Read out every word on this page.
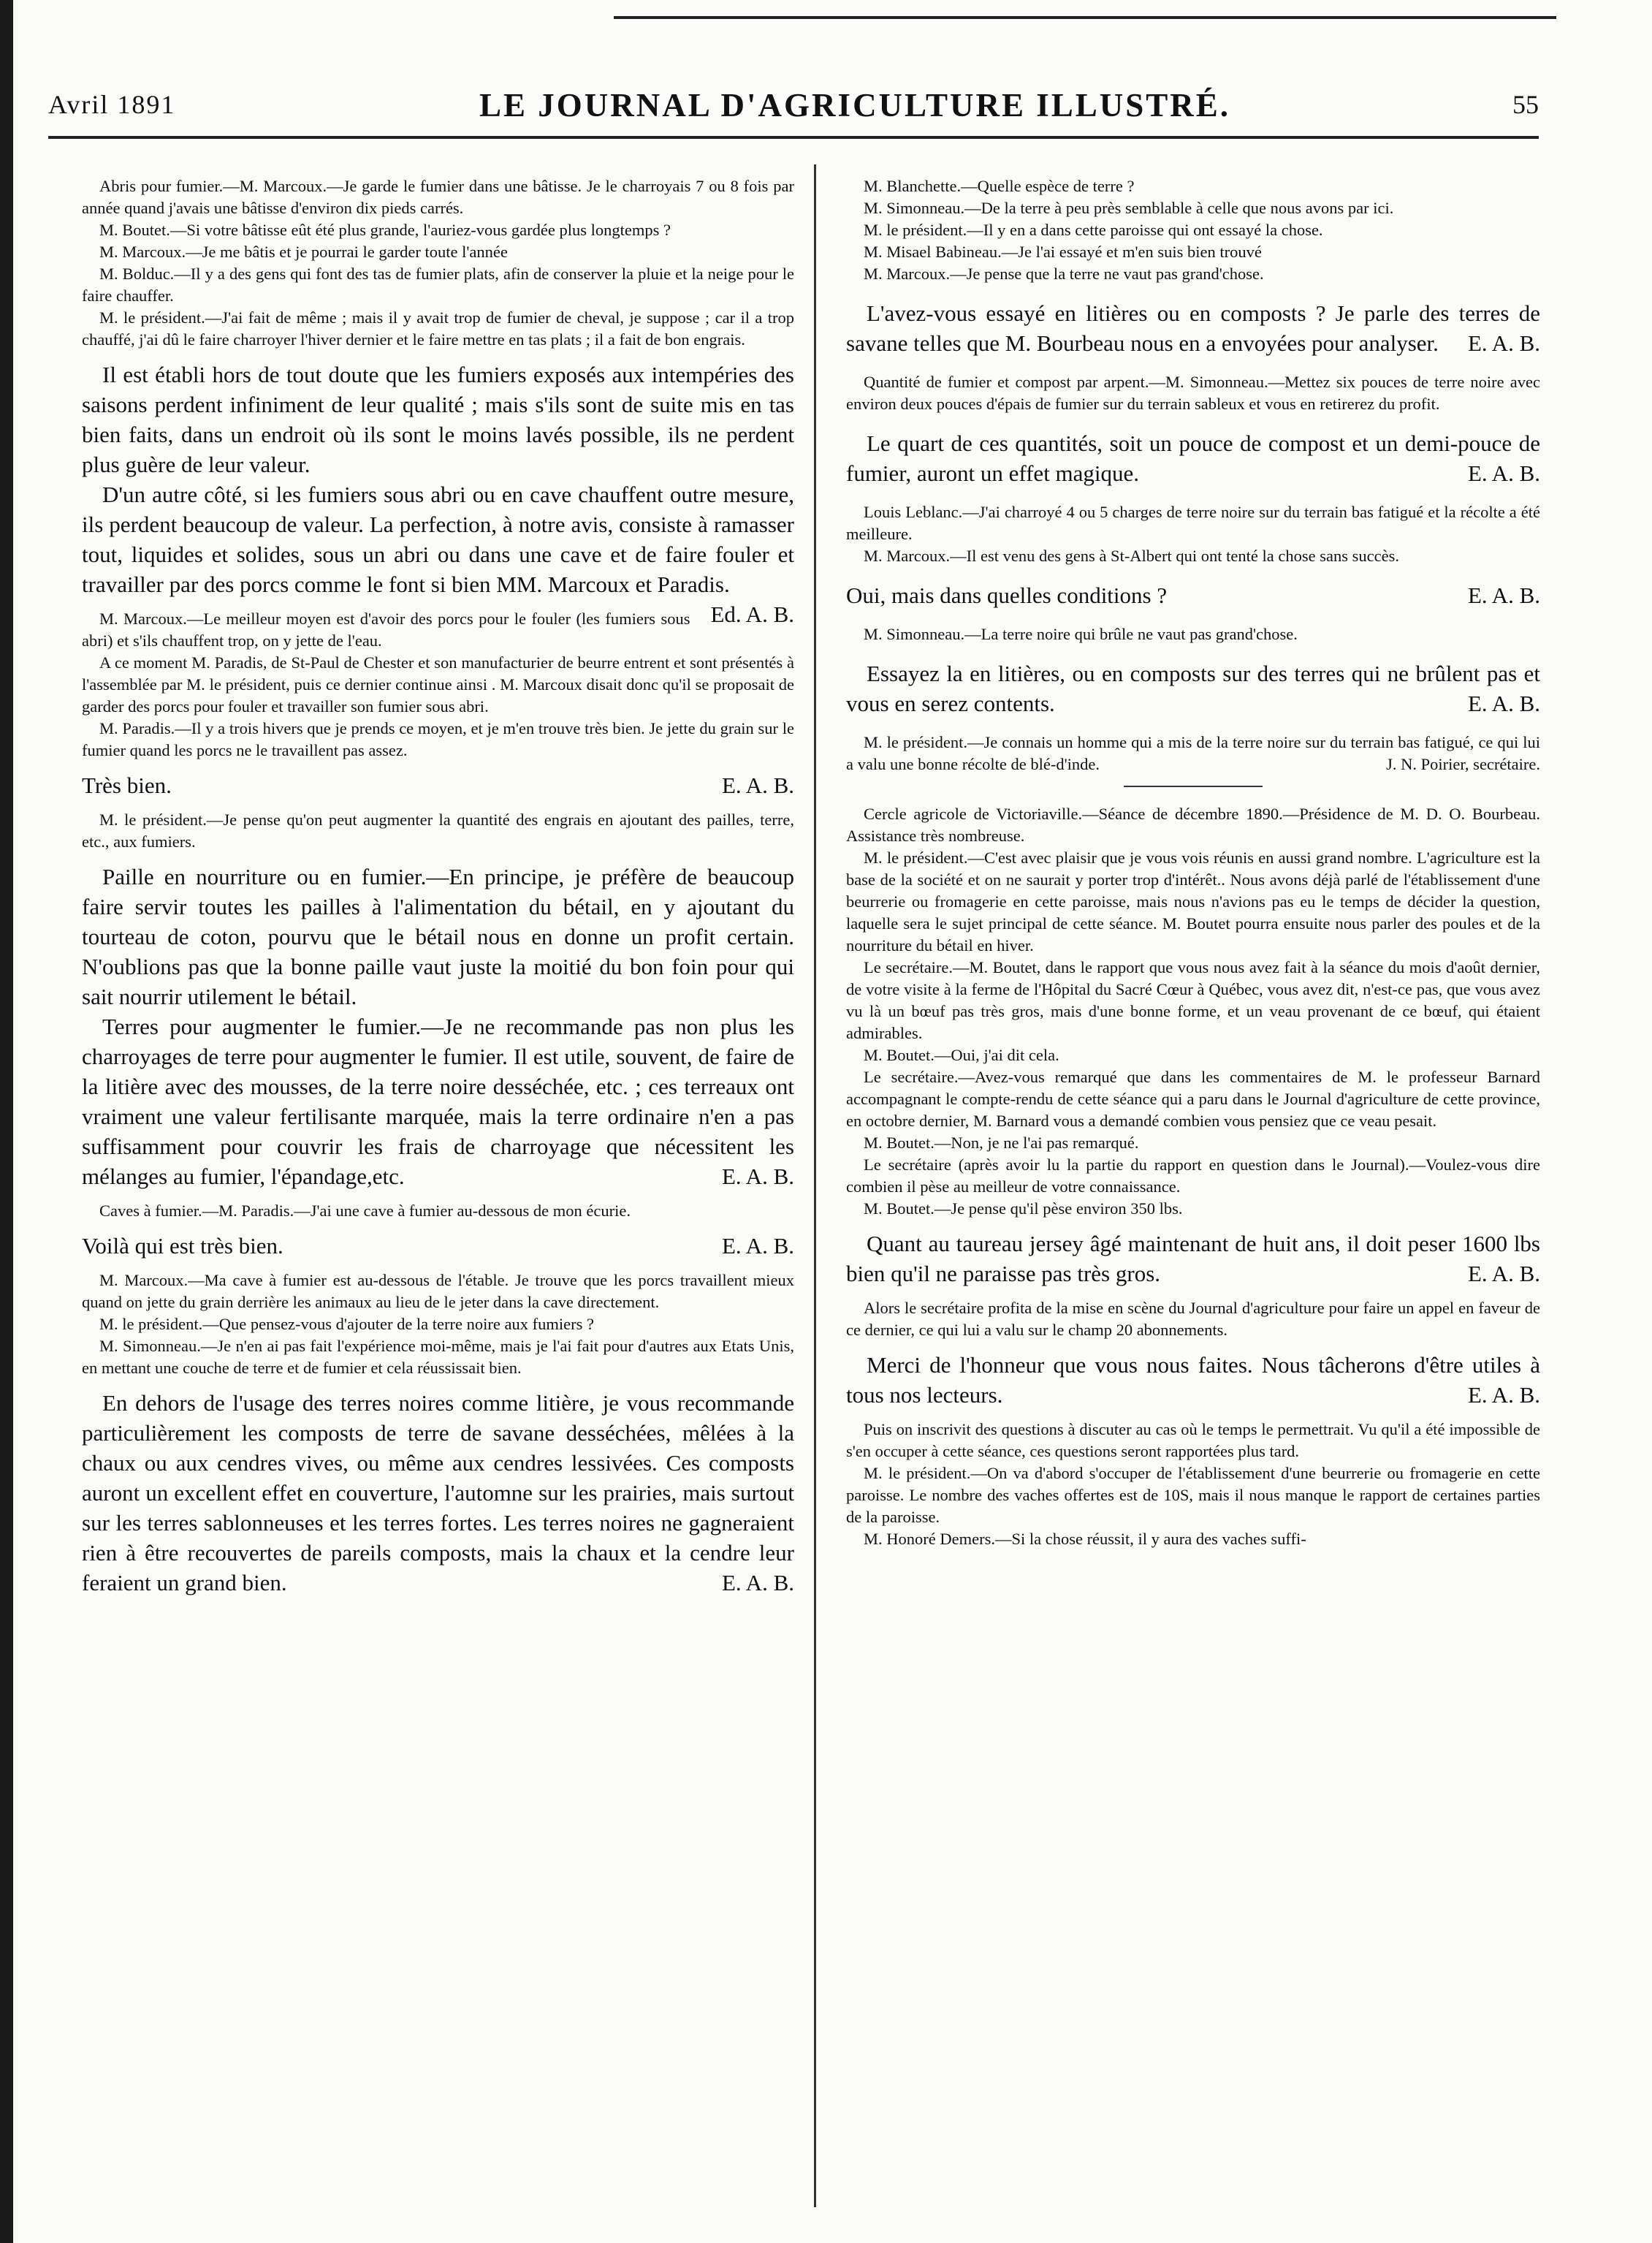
Avril 1891	LE JOURNAL D'AGRICULTURE ILLUSTRÉ.	55

Abris pour fumier.—M. Marcoux.—Je garde le fumier dans une bâtisse. Je le charroyais 7 ou 8 fois par année quand j'avais une bâtisse d'environ dix pieds carrés.

M. Boutet.—Si votre bâtisse eût été plus grande, l'auriez-vous gardée plus longtemps ?

M. Marcoux.—Je me bâtis et je pourrai le garder toute l'année

M. Bolduc.—Il y a des gens qui font des tas de fumier plats, afin de conserver la pluie et la neige pour le faire chauffer.

M. le président.—J'ai fait de même ; mais il y avait trop de fumier de cheval, je suppose ; car il a trop chauffé, j'ai dû le faire charroyer l'hiver dernier et le faire mettre en tas plats ; il a fait de bon engrais.

Il est établi hors de tout doute que les fumiers exposés aux intempéries des saisons perdent infiniment de leur qualité ; mais s'ils sont de suite mis en tas bien faits, dans un endroit où ils sont le moins lavés possible, ils ne perdent plus guère de leur valeur.

D'un autre côté, si les fumiers sous abri ou en cave chauffent outre mesure, ils perdent beaucoup de valeur. La perfection, à notre avis, consiste à ramasser tout, liquides et solides, sous un abri ou dans une cave et de faire fouler et travailler par des porcs comme le font si bien MM. Marcoux et Paradis.
Ed. A. B.

M. Marcoux.—Le meilleur moyen est d'avoir des porcs pour le fouler (les fumiers sous abri) et s'ils chauffent trop, on y jette de l'eau.

A ce moment M. Paradis, de St-Paul de Chester et son manufacturier de beurre entrent et sont présentés à l'assemblée par M. le président, puis ce dernier continue ainsi . M. Marcoux disait donc qu'il se proposait de garder des porcs pour fouler et travailler son fumier sous abri.

M. Paradis.—Il y a trois hivers que je prends ce moyen, et je m'en trouve très bien. Je jette du grain sur le fumier quand les porcs ne le travaillent pas assez.

Très bien.	E. A. B.

M. le président.—Je pense qu'on peut augmenter la quantité des engrais en ajoutant des pailles, terre, etc., aux fumiers.

Paille en nourriture ou en fumier.—En principe, je préfère de beaucoup faire servir toutes les pailles à l'alimentation du bétail, en y ajoutant du tourteau de coton, pourvu que le bétail nous en donne un profit certain. N'oublions pas que la bonne paille vaut juste la moitié du bon foin pour qui sait nourrir utilement le bétail.

Terres pour augmenter le fumier.—Je ne recommande pas non plus les charroyages de terre pour augmenter le fumier. Il est utile, souvent, de faire de la litière avec des mousses, de la terre noire desséchée, etc. ; ces terreaux ont vraiment une valeur fertilisante marquée, mais la terre ordinaire n'en a pas suffisamment pour couvrir les frais de charroyage que nécessitent les mélanges au fumier, l'épandage,etc.	E. A. B.

Caves à fumier.—M. Paradis.—J'ai une cave à fumier au-dessous de mon écurie.

Voilà qui est très bien.	E. A. B.

M. Marcoux.—Ma cave à fumier est au-dessous de l'étable. Je trouve que les porcs travaillent mieux quand on jette du grain derrière les animaux au lieu de le jeter dans la cave directement.

M. le président.—Que pensez-vous d'ajouter de la terre noire aux fumiers ?

M. Simonneau.—Je n'en ai pas fait l'expérience moi-même, mais je l'ai fait pour d'autres aux Etats Unis, en mettant une couche de terre et de fumier et cela réussissait bien.

En dehors de l'usage des terres noires comme litière, je vous recommande particulièrement les composts de terre de savane desséchées, mêlées à la chaux ou aux cendres vives, ou même aux cendres lessivées. Ces composts auront un excellent effet en couverture, l'automne sur les prairies, mais surtout sur les terres sablonneuses et les terres fortes. Les terres noires ne gagneraient rien à être recouvertes de pareils composts, mais la chaux et la cendre leur feraient un grand bien.	E. A. B.

M. Blanchette.—Quelle espèce de terre ?

M. Simonneau.—De la terre à peu près semblable à celle que nous avons par ici.

M. le président.—Il y en a dans cette paroisse qui ont essayé la chose.

M. Misael Babineau.—Je l'ai essayé et m'en suis bien trouvé

M. Marcoux.—Je pense que la terre ne vaut pas grand'chose.

L'avez-vous essayé en litières ou en composts ? Je parle des terres de savane telles que M. Bourbeau nous en a envoyées pour analyser.	E. A. B.

Quantité de fumier et compost par arpent.—M. Simonneau.—Mettez six pouces de terre noire avec environ deux pouces d'épais de fumier sur du terrain sableux et vous en retirerez du profit.

Le quart de ces quantités, soit un pouce de compost et un demi-pouce de fumier, auront un effet magique.	E. A. B.

Louis Leblanc.—J'ai charroyé 4 ou 5 charges de terre noire sur du terrain bas fatigué et la récolte a été meilleure.

M. Marcoux.—Il est venu des gens à St-Albert qui ont tenté la chose sans succès.

Oui, mais dans quelles conditions ?	E. A. B.

M. Simonneau.—La terre noire qui brûle ne vaut pas grand'chose.

Essayez la en litières, ou en composts sur des terres qui ne brûlent pas et vous en serez contents.	E. A. B.

M. le président.—Je connais un homme qui a mis de la terre noire sur du terrain bas fatigué, ce qui lui a valu une bonne récolte de blé-d'inde.	J. N. Poirier, secrétaire.

Cercle agricole de Victoriaville.—Séance de décembre 1890.—Présidence de M. D. O. Bourbeau. Assistance très nombreuse.

M. le président.—C'est avec plaisir que je vous vois réunis en aussi grand nombre. L'agriculture est la base de la société et on ne saurait y porter trop d'intérêt.. Nous avons déjà parlé de l'établissement d'une beurrerie ou fromagerie en cette paroisse, mais nous n'avions pas eu le temps de décider la question, laquelle sera le sujet principal de cette séance. M. Boutet pourra ensuite nous parler des poules et de la nourriture du bétail en hiver.

Le secrétaire.—M. Boutet, dans le rapport que vous nous avez fait à la séance du mois d'août dernier, de votre visite à la ferme de l'Hôpital du Sacré Cœur à Québec, vous avez dit, n'est-ce pas, que vous avez vu là un bœuf pas très gros, mais d'une bonne forme, et un veau provenant de ce bœuf, qui étaient admirables.

M. Boutet.—Oui, j'ai dit cela.

Le secrétaire.—Avez-vous remarqué que dans les commentaires de M. le professeur Barnard accompagnant le compte-rendu de cette séance qui a paru dans le Journal d'agriculture de cette province, en octobre dernier, M. Barnard vous a demandé combien vous pensiez que ce veau pesait.

M. Boutet.—Non, je ne l'ai pas remarqué.

Le secrétaire (après avoir lu la partie du rapport en question dans le Journal).—Voulez-vous dire combien il pèse au meilleur de votre connaissance.

M. Boutet.—Je pense qu'il pèse environ 350 lbs.

Quant au taureau jersey âgé maintenant de huit ans, il doit peser 1600 lbs bien qu'il ne paraisse pas très gros.	E. A. B.

Alors le secrétaire profita de la mise en scène du Journal d'agriculture pour faire un appel en faveur de ce dernier, ce qui lui a valu sur le champ 20 abonnements.

Merci de l'honneur que vous nous faites. Nous tâcherons d'être utiles à tous nos lecteurs.	E. A. B.

Puis on inscrivit des questions à discuter au cas où le temps le permettrait. Vu qu'il a été impossible de s'en occuper à cette séance, ces questions seront rapportées plus tard.

M. le président.—On va d'abord s'occuper de l'établissement d'une beurrerie ou fromagerie en cette paroisse. Le nombre des vaches offertes est de 10S, mais il nous manque le rapport de certaines parties de la paroisse.

M. Honoré Demers.—Si la chose réussit, il y aura des vaches suffi-
